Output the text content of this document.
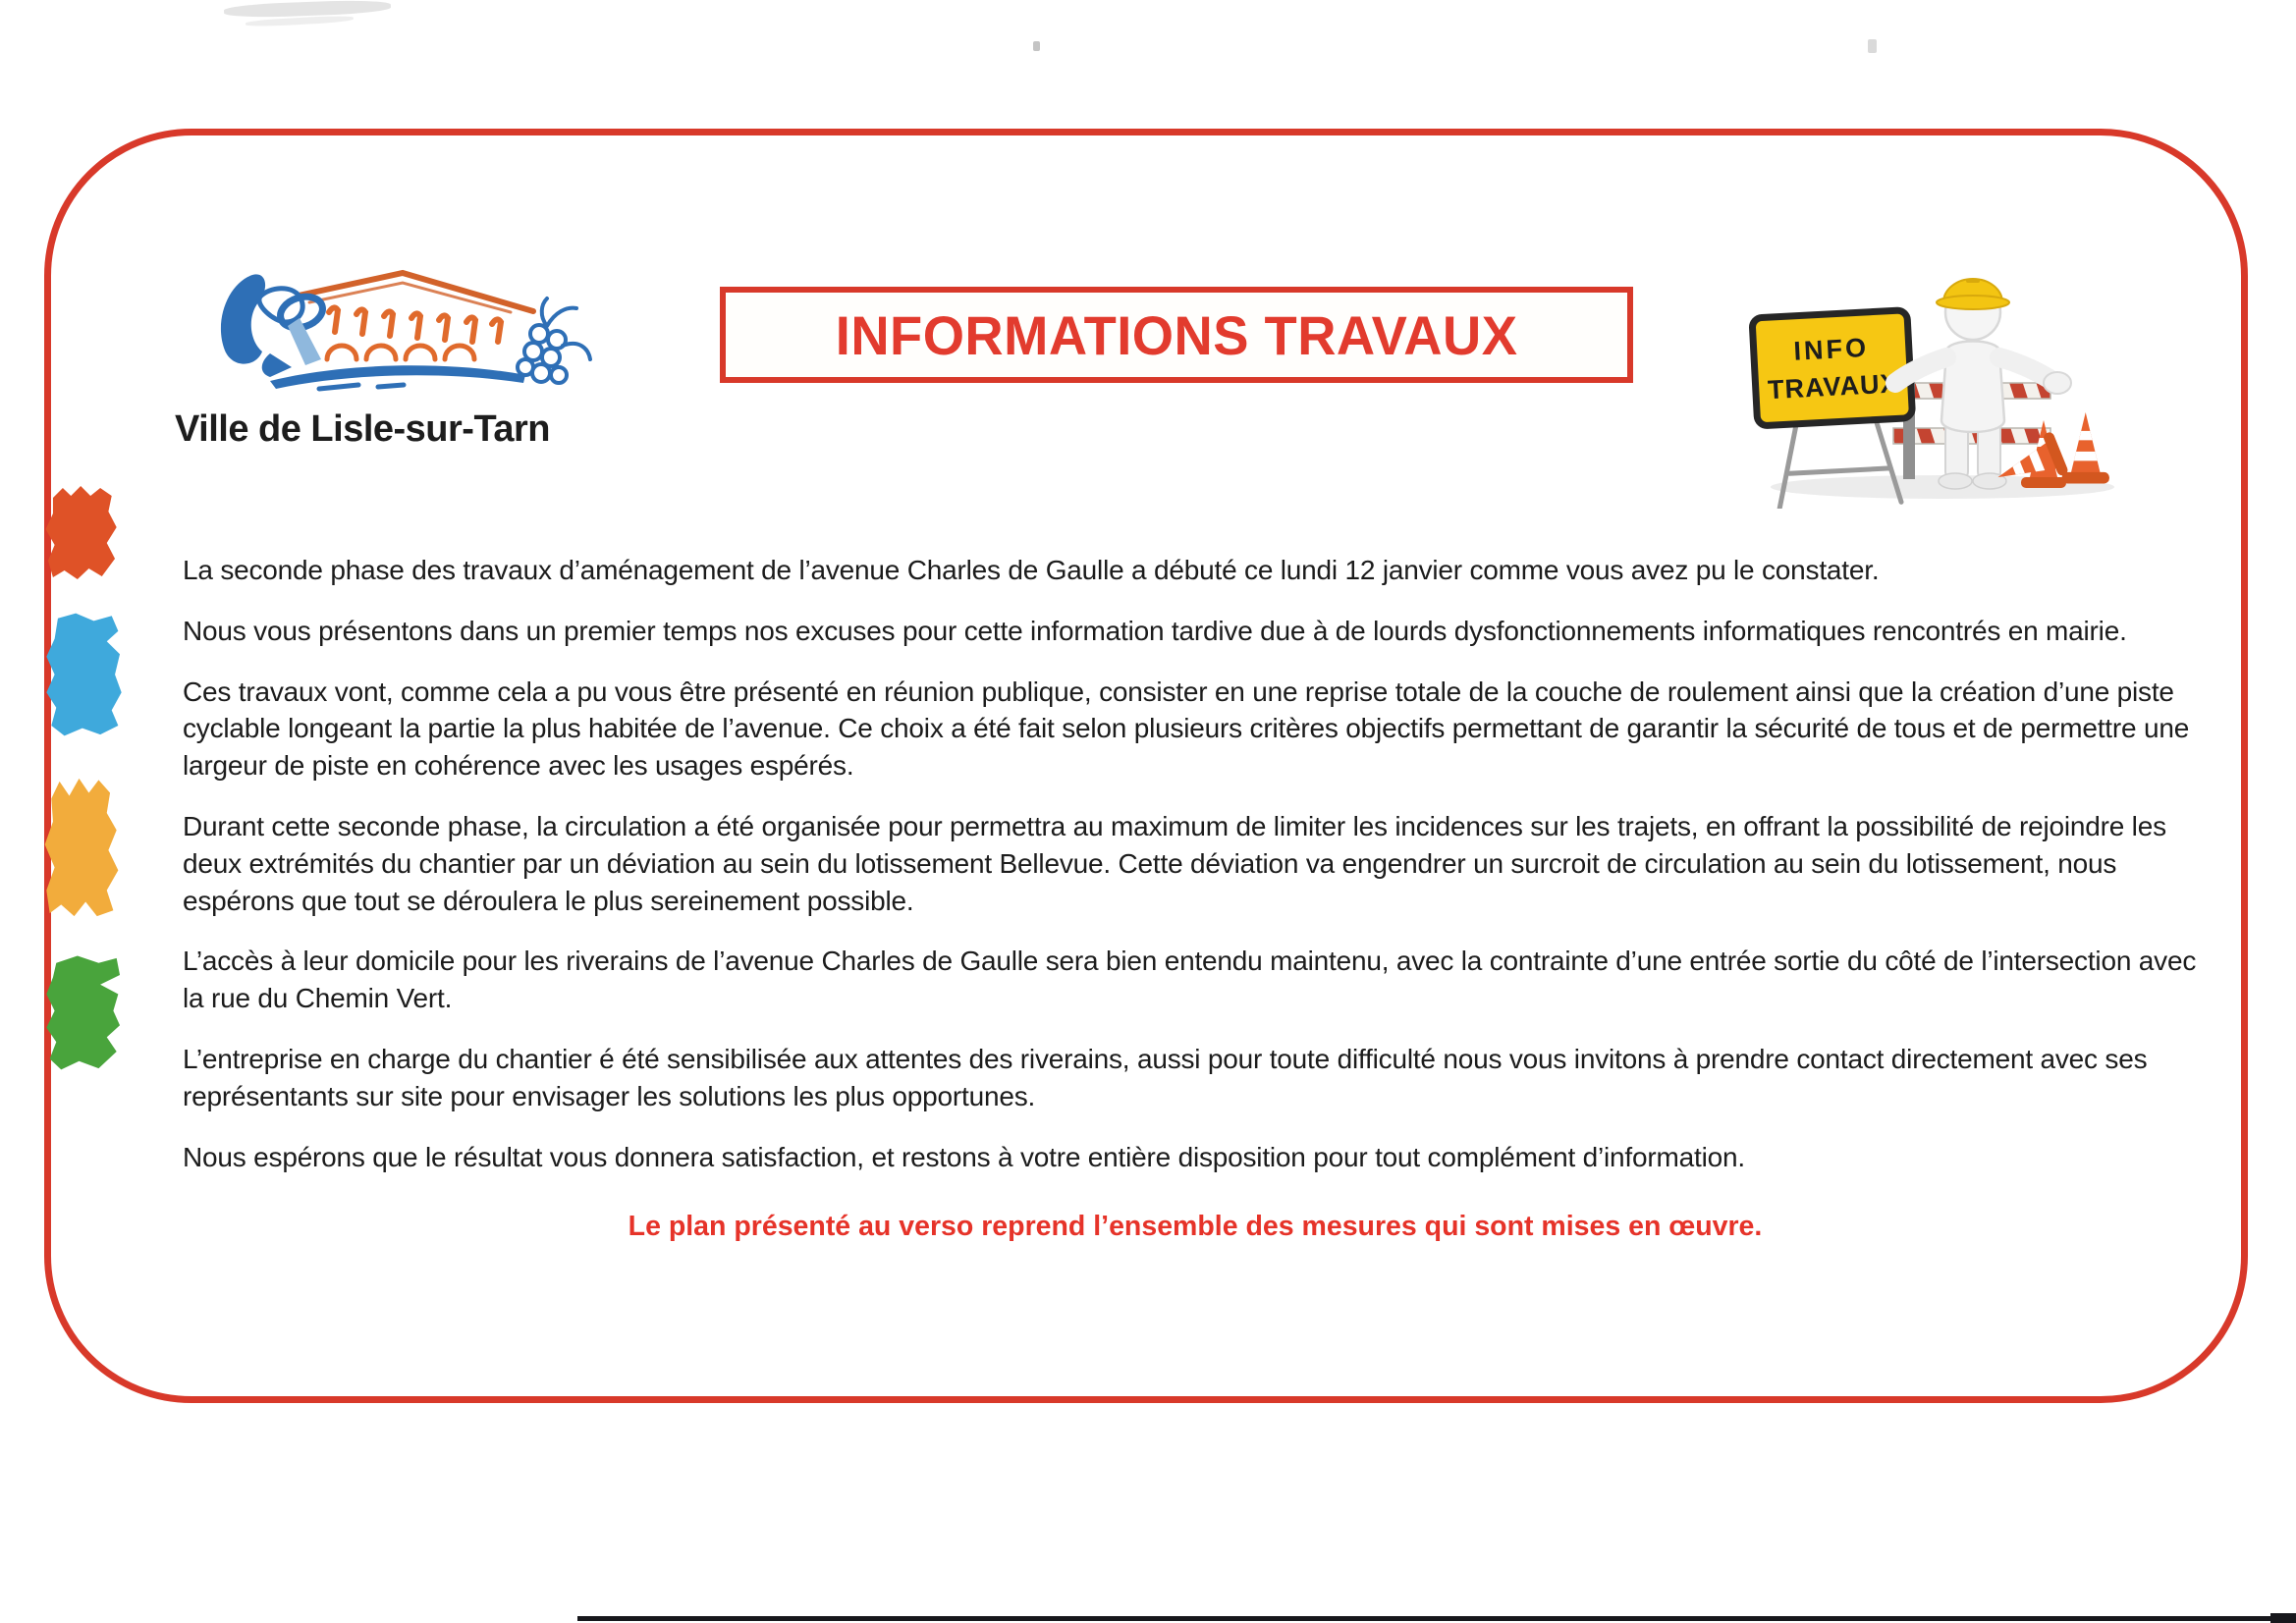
Ville de Lisle-sur-Tarn
INFORMATIONS TRAVAUX	INFO
TRAVAUX

La seconde phase des travaux d’aménagement de l’avenue Charles de Gaulle a débuté ce lundi 12 janvier comme vous avez pu le constater.

Nous vous présentons dans un premier temps nos excuses pour cette information tardive due à de lourds dysfonctionnements informatiques rencontrés en mairie.

Ces travaux vont, comme cela a pu vous être présenté en réunion publique, consister en une reprise totale de la couche de roulement ainsi que la création d’une piste cyclable longeant la partie la plus habitée de l’avenue. Ce choix a été fait selon plusieurs critères objectifs permettant de garantir la sécurité de tous et de permettre une largeur de piste en cohérence avec les usages espérés.

Durant cette seconde phase, la circulation a été organisée pour permettra au maximum de limiter les incidences sur les trajets, en offrant la possibilité de rejoindre les deux extrémités du chantier par un déviation au sein du lotissement Bellevue. Cette déviation va engendrer un surcroit de circulation au sein du lotissement, nous espérons que tout se déroulera le plus sereinement possible.

L’accès à leur domicile pour les riverains de l’avenue Charles de Gaulle sera bien entendu maintenu, avec la contrainte d’une entrée sortie du côté de l’intersection avec la rue du Chemin Vert.

L’entreprise en charge du chantier é été sensibilisée aux attentes des riverains, aussi pour toute difficulté nous vous invitons à prendre contact directement avec ses représentants sur site pour envisager les solutions les plus opportunes.

Nous espérons que le résultat vous donnera satisfaction, et restons à votre entière disposition pour tout complément d’information.

Le plan présenté au verso reprend l’ensemble des mesures qui sont mises en œuvre.
